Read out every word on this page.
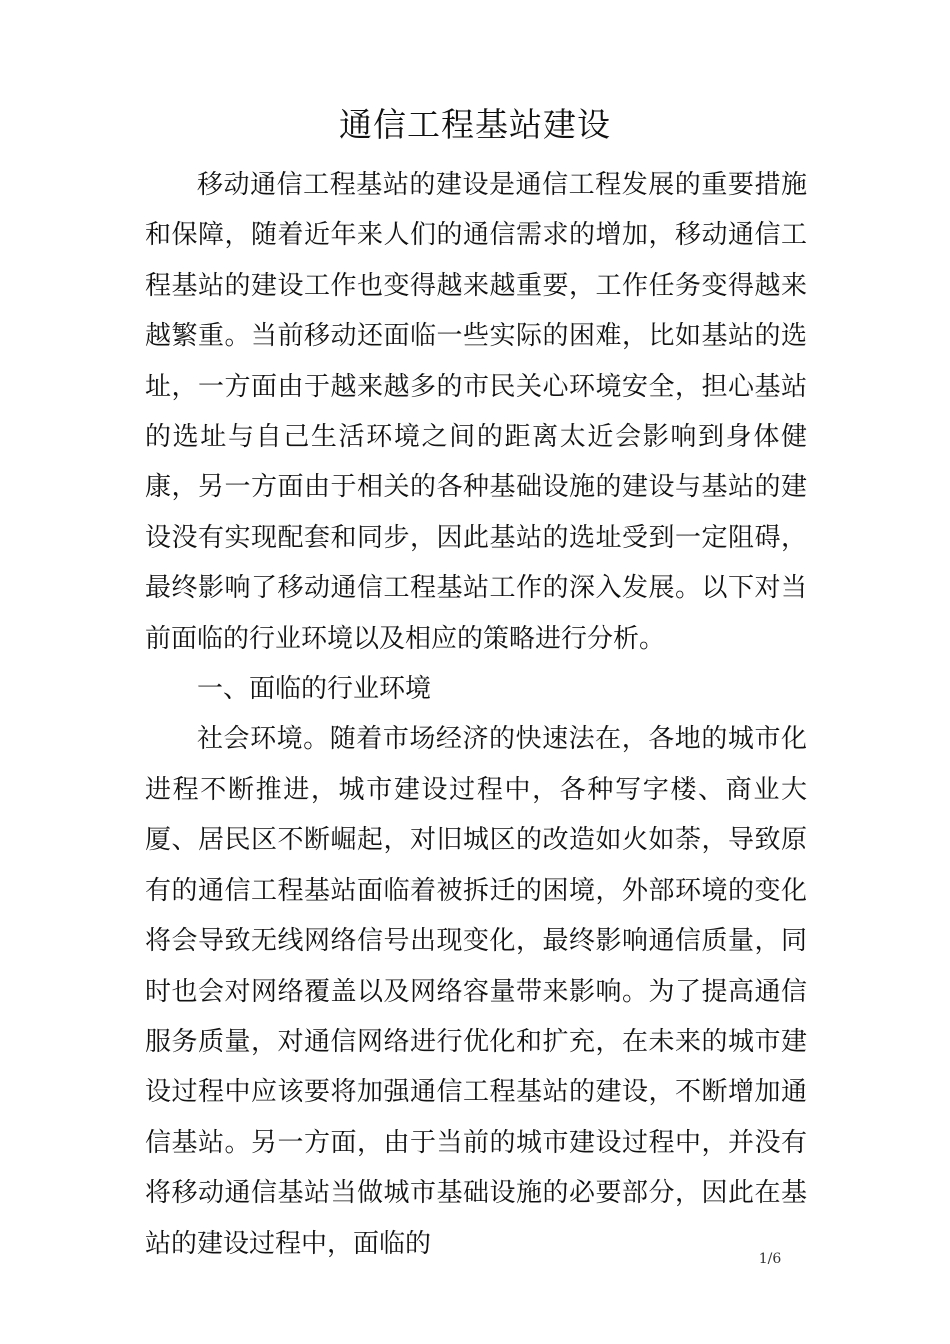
通信工程基站建设

移动通信工程基站的建设是通信工程发展的重要措施和保障，随着近年来人们的通信需求的增加，移动通信工程基站的建设工作也变得越来越重要，工作任务变得越来越繁重。当前移动还面临一些实际的困难，比如基站的选址，一方面由于越来越多的市民关心环境安全，担心基站的选址与自己生活环境之间的距离太近会影响到身体健康，另一方面由于相关的各种基础设施的建设与基站的建设没有实现配套和同步，因此基站的选址受到一定阻碍，最终影响了移动通信工程基站工作的深入发展。以下对当前面临的行业环境以及相应的策略进行分析。

一、面临的行业环境

社会环境。随着市场经济的快速法在，各地的城市化进程不断推进，城市建设过程中，各种写字楼、商业大厦、居民区不断崛起，对旧城区的改造如火如荼，导致原有的通信工程基站面临着被拆迁的困境，外部环境的变化将会导致无线网络信号出现变化，最终影响通信质量，同时也会对网络覆盖以及网络容量带来影响。为了提高通信服务质量，对通信网络进行优化和扩充，在未来的城市建设过程中应该要将加强通信工程基站的建设，不断增加通信基站。另一方面，由于当前的城市建设过程中，并没有将移动通信基站当做城市基础设施的必要部分，因此在基站的建设过程中，面临的

1/6
